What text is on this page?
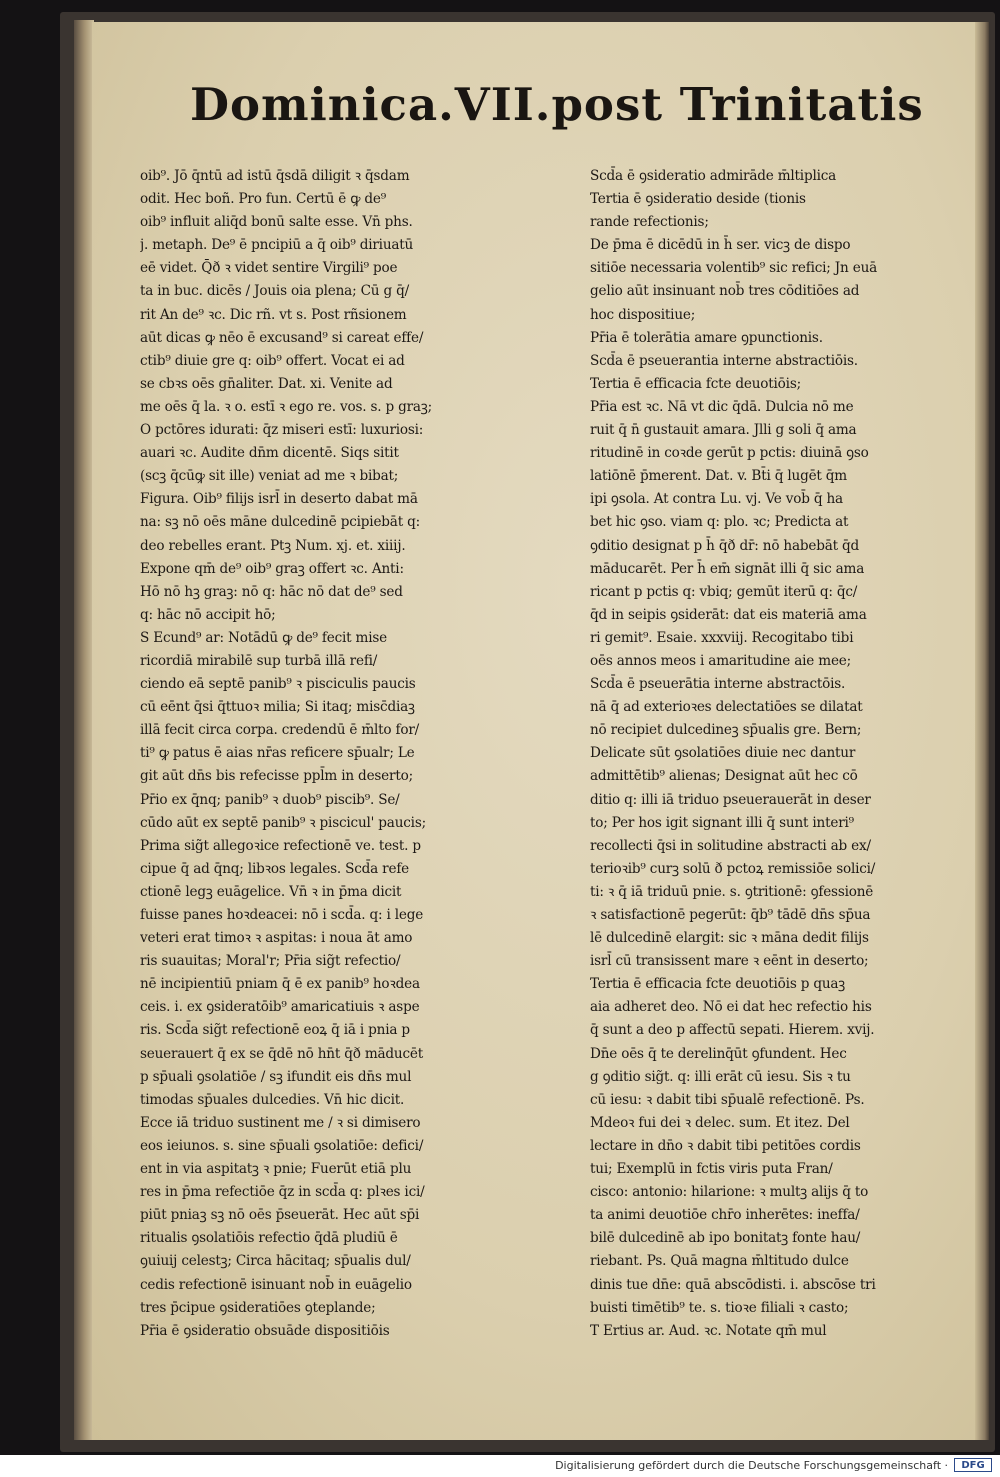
Dominica.VII.post Trinitatis
oib⁹. Jō q̄ntū ad istū q̄sdā diligit ꝛ q̄sdam
odit. Hec boñ. Pro fun. Certū ē ꝙ de⁹
oib⁹ influit aliq̄d bonū salte esse. Vn̄ phs.
j. metaph. De⁹ ē pncipiū a q̄ oib⁹ diriuatū
eē videt. Q̄ð ꝛ videt sentire Virgili⁹ poe
ta in buc. dicēs / Jouis oia plena; Cū g q̄/
rit An de⁹ ꝛc. Dic rñ. vt s. Post rñsionem
aūt dicas ꝙ nēo ē excusand⁹ si careat effe/
ctib⁹ diuie gre q: oib⁹ offert. Vocat ei ad
se cbꝛs oēs gn̄aliter. Dat. xi. Venite ad
me oēs q̄ la. ꝛ o. estī ꝛ ego re. vos. s. p graꝫ;
O pctōres idurati: q̄z miseri estī: luxuriosi:
auari ꝛc. Audite dn̄m dicentē. Siqs sitit
(scꝫ q̄cūꝙ sit ille) veniat ad me ꝛ bibat;
Figura. Oib⁹ filijs isrl̄ in deserto dabat mā
na: sꝫ nō oēs māne dulcedinē pcipiebāt q:
deo rebelles erant. Ptꝫ Num. xj. et. xiiij.
Expone qm̄ de⁹ oib⁹ graꝫ offert ꝛc. Anti:
Hō nō hꝫ graꝫ: nō q: hāc nō dat de⁹ sed
q: hāc nō accipit hō;
S Ecund⁹ ar: Notādū ꝙ de⁹ fecit mise
ricordiā mirabilē sup turbā illā refi/
ciendo eā septē panib⁹ ꝛ pisciculis paucis
cū eēnt q̄si q̄ttuoꝛ milia; Si itaq; misc̄diaꝫ
illā fecit circa corpa. credendū ē m̄lto for/
ti⁹ ꝙ patus ē aias nr̄as reficere sp̄ualr; Le
git aūt dn̄s bis refecisse ppl̄m in deserto;
Pr̄io ex q̄nq; panib⁹ ꝛ duob⁹ piscib⁹. Se/
cūdo aūt ex septē panib⁹ ꝛ piscicul' paucis;
Prima sig̃t allegoꝛice refectionē ve. test. p
cipue q̄ ad q̄nq; libꝛos legales. Scd̄a refe
ctionē legꝫ euāgelice. Vn̄ ꝛ in p̄ma dicit
fuisse panes hoꝛdeacei: nō i scd̄a. q: i lege
veteri erat timoꝛ ꝛ aspitas: i noua āt amo
ris suauitas; Moral'r; Pr̄ia sig̃t refectio/
nē incipientiū pniam q̄ ē ex panib⁹ hoꝛdea
ceis. i. ex ꝯsideratōib⁹ amaricatiuis ꝛ aspe
ris. Scd̄a sig̃t refectionē eoꝝ q̄ iā i pnia p
seuerauert q̄ ex se q̄dē nō hn̄t q̄ð māducēt
p sp̄uali ꝯsolatiōe / sꝫ ifundit eis dn̄s mul
timodas sp̄uales dulcedies. Vn̄ hic dicit.
Ecce iā triduo sustinent me / ꝛ si dimisero
eos ieiunos. s. sine sp̄uali ꝯsolatiōe: defici/
ent in via aspitatꝫ ꝛ pnie; Fuerūt etiā plu
res in p̄ma refectiōe q̄z in scd̄a q: plꝛes ici/
piūt pniaꝫ sꝫ nō oēs p̄seuerāt. Hec aūt sp̄i
ritualis ꝯsolatiōis refectio q̄dā pludiū ē
ꝯuiuij celestꝫ; Circa hācitaq; sp̄ualis dul/
cedis refectionē isinuant nob̄ in euāgelio
tres p̄cipue ꝯsideratiōes ꝯteplande;
Pr̄ia ē ꝯsideratio obsuāde dispositiōis
Scd̄a ē ꝯsideratio admirāde m̄ltiplica
Tertia ē ꝯsideratio deside (tionis
rande refectionis;
De p̄ma ē dicēdū in h̄ ser. vicꝫ de dispo
sitiōe necessaria volentib⁹ sic refici; Jn euā
gelio aūt insinuant nob̄ tres cōditiōes ad
hoc dispositiue;
Pr̄ia ē tolerātia amare ꝯpunctionis.
Scd̄a ē pseuerantia interne abstractiōis.
Tertia ē efficacia fcte deuotiōis;
Pr̄ia est ꝛc. Nā vt dic q̄dā. Dulcia nō me
ruit q̄ n̄ gustauit amara. Jlli g soli q̄ ama
ritudinē in coꝛde gerūt p pctis: diuinā ꝯso
latiōnē p̄merent. Dat. v. Bt̄i q̄ lugēt q̄m
ipi ꝯsola. At contra Lu. vj. Ve vob̄ q̄ ha
bet hic ꝯso. viam q: plo. ꝛc; Predicta at
ꝯditio designat p h̄ q̄ð dr̄: nō habebāt q̄d
māducarēt. Per h̄ em̄ signāt illi q̄ sic ama
ricant p pctis q: vbiq; gemūt iterū q: q̄c/
q̄d in seipis ꝯsiderāt: dat eis materiā ama
ri gemit⁹. Esaie. xxxviij. Recogitabo tibi
oēs annos meos i amaritudine aie mee;
Scd̄a ē pseuerātia interne abstractōis.
nā q̄ ad exterioꝛes delectatiōes se dilatat
nō recipiet dulcedineꝫ sp̄ualis gre. Bern;
Delicate sūt ꝯsolatiōes diuie nec dantur
admittētib⁹ alienas; Designat aūt hec cō
ditio q: illi iā triduo pseuerauerāt in deser
to; Per hos igit signant illi q̄ sunt interi⁹
recollecti q̄si in solitudine abstracti ab ex/
terioꝛib⁹ curꝫ solū ð pctoꝝ remissiōe solici/
ti: ꝛ q̄ iā triduū pnie. s. ꝯtritionē: ꝯfessionē
ꝛ satisfactionē pegerūt: q̄b⁹ tādē dn̄s sp̄ua
lē dulcedinē elargit: sic ꝛ māna dedit filijs
isrl̄ cū transissent mare ꝛ eēnt in deserto;
Tertia ē efficacia fcte deuotiōis p quaꝫ
aia adheret deo. Nō ei dat hec refectio his
q̄ sunt a deo p affectū sepati. Hierem. xvij.
Dn̄e oēs q̄ te derelinq̄ūt ꝯfundent. Hec
g ꝯditio sig̃t. q: illi erāt cū iesu. Sis ꝛ tu
cū iesu: ꝛ dabit tibi sp̄ualē refectionē. Ps.
Mdeoꝛ fui dei ꝛ delec. sum. Et itez. Del
lectare in dn̄o ꝛ dabit tibi petitōes cordis
tui; Exemplū in fctis viris puta Fran/
cisco: antonio: hilarione: ꝛ multꝫ alijs q̄ to
ta animi deuotiōe chr̄o inherētes: ineffa/
bilē dulcedinē ab ipo bonitatꝫ fonte hau/
riebant. Ps. Quā magna m̄ltitudo dulce
dinis tue dn̄e: quā abscōdisti. i. abscōse tri
buisti timētib⁹ te. s. tioꝛe filiali ꝛ casto;
T Ertius ar. Aud. ꝛc. Notate qm̄ mul
Digitalisierung gefördert durch die Deutsche Forschungsgemeinschaft ·	DFG
